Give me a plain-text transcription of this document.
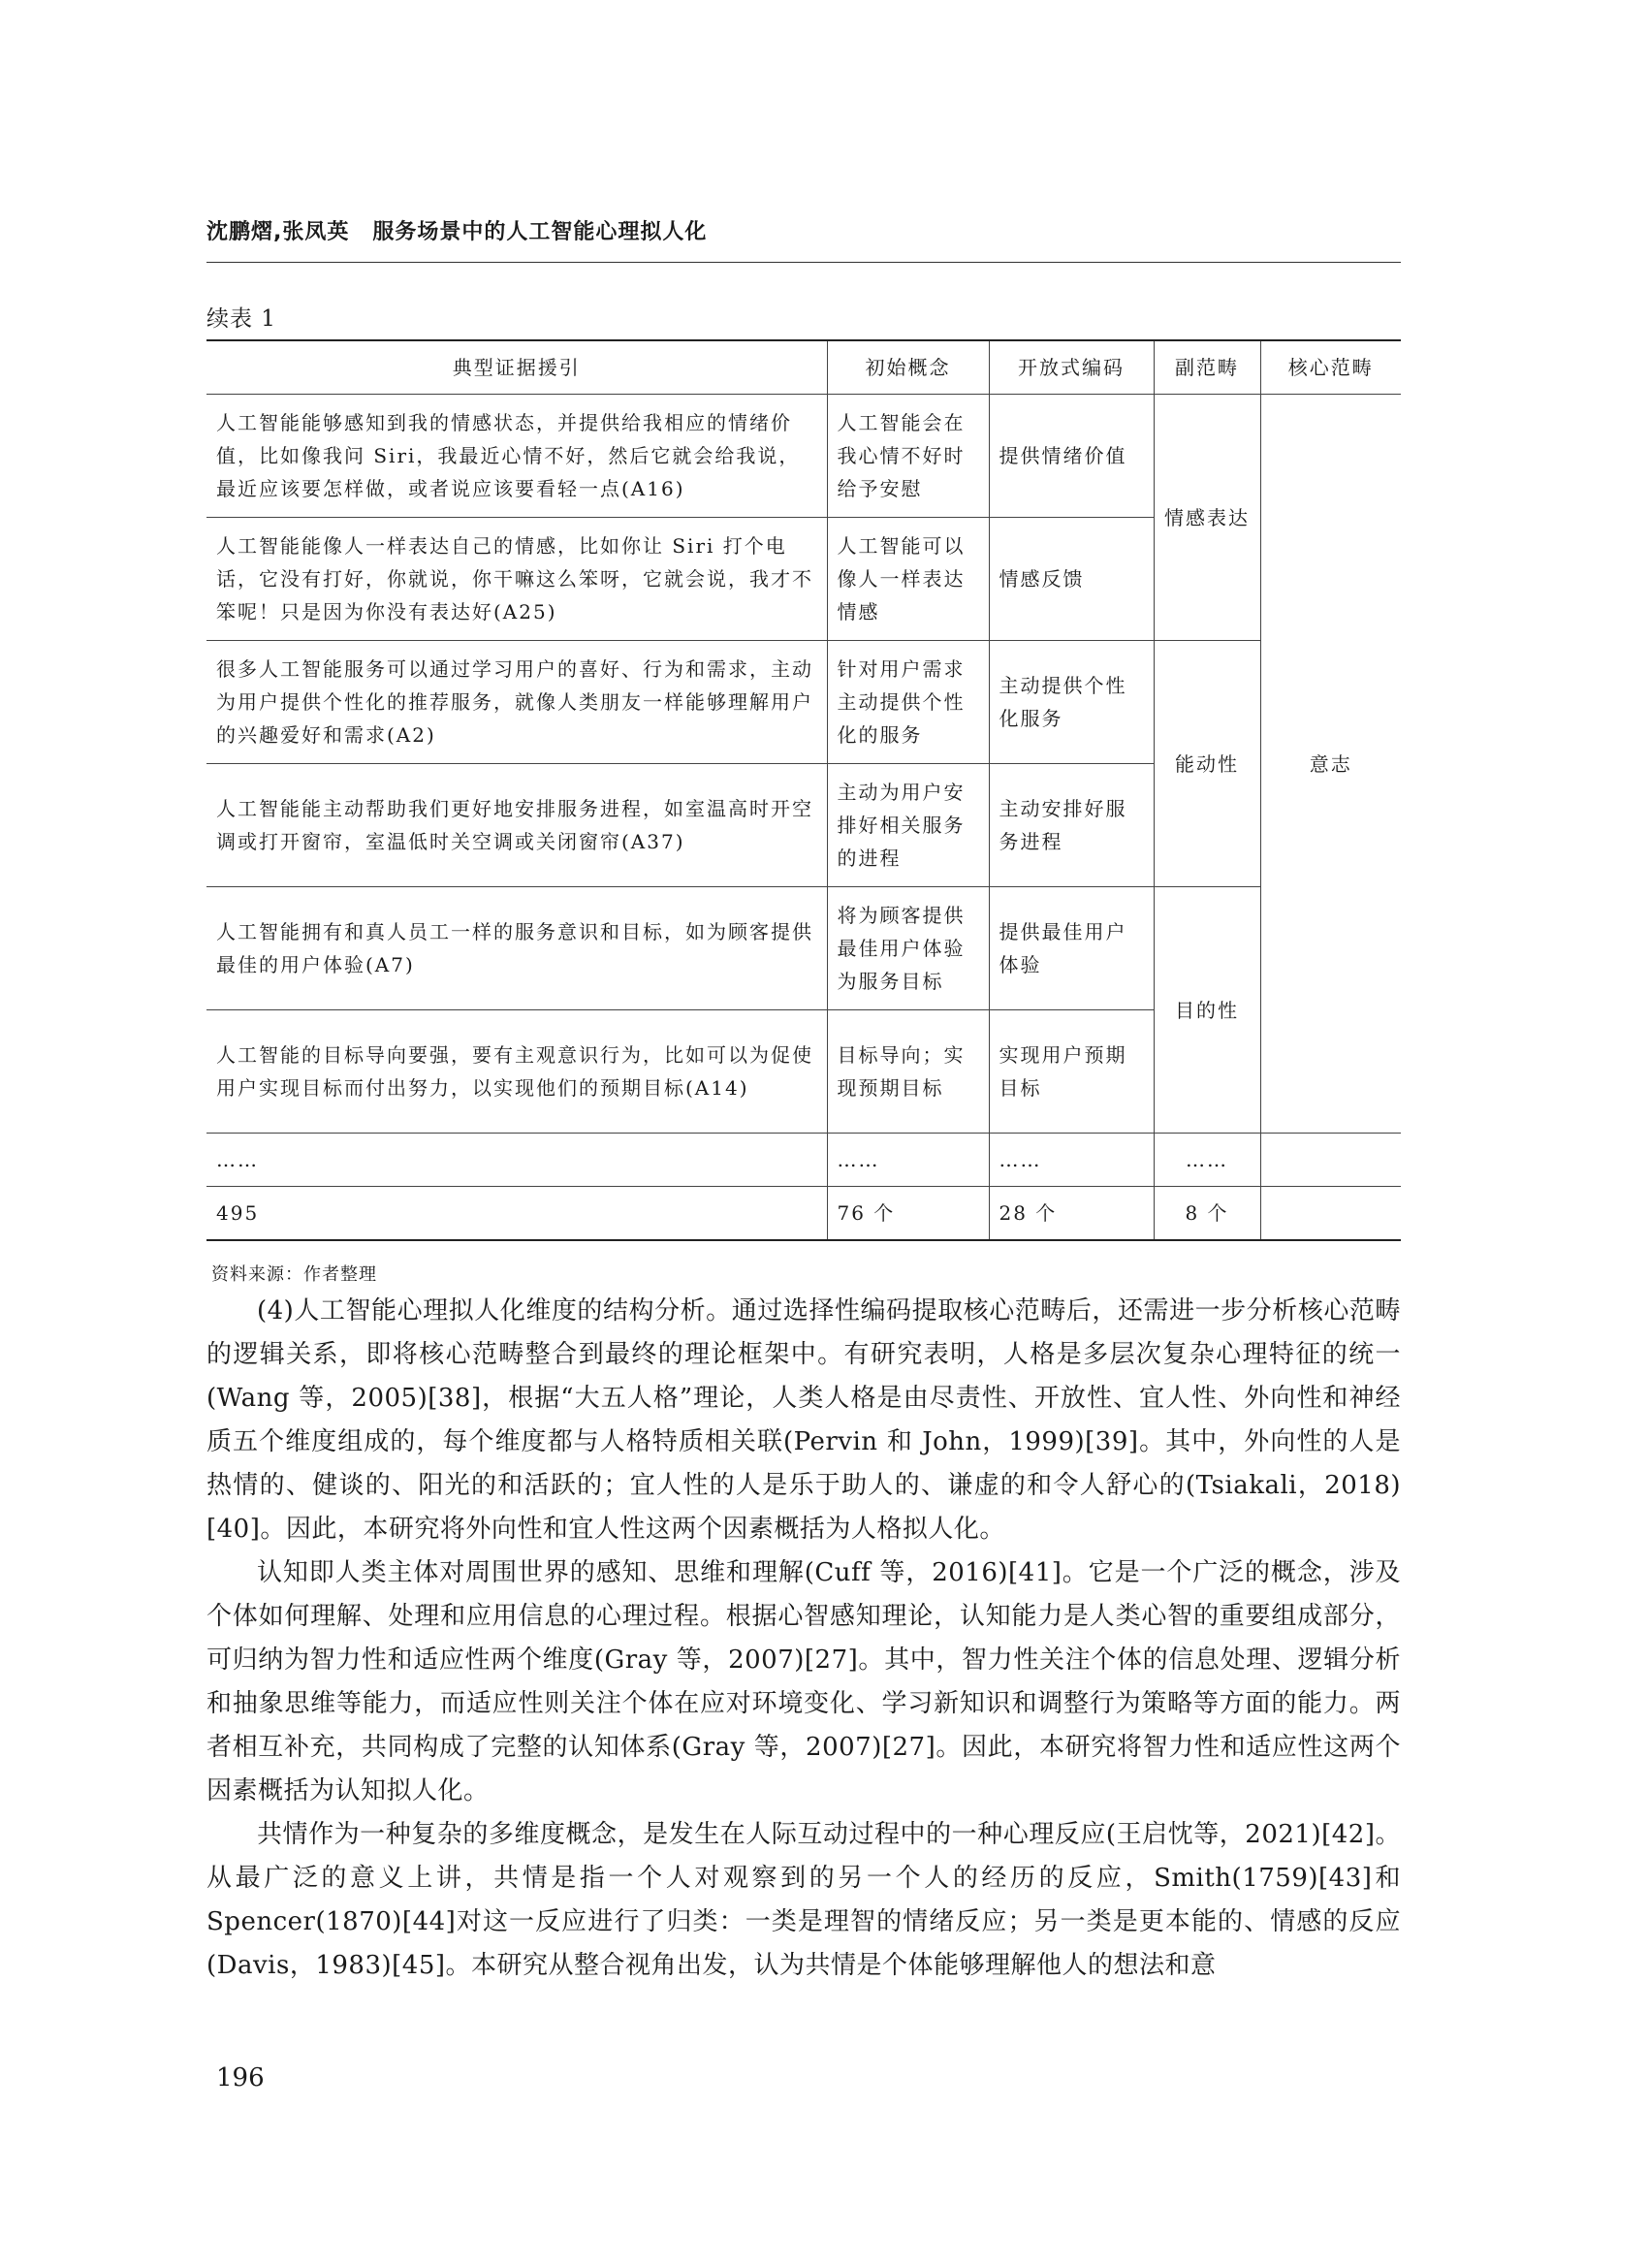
沈鹏熠,张凤英 服务场景中的人工智能心理拟人化
续表 1
典型证据援引	初始概念	开放式编码	副范畴	核心范畴
人工智能能够感知到我的情感状态，并提供给我相应的情绪价值，比如像我问 Siri，我最近心情不好，然后它就会给我说，最近应该要怎样做，或者说应该要看轻一点(A16)	人工智能会在我心情不好时给予安慰	提供情绪价值	情感表达	意志
人工智能能像人一样表达自己的情感，比如你让 Siri 打个电话，它没有打好，你就说，你干嘛这么笨呀，它就会说，我才不笨呢！只是因为你没有表达好(A25)	人工智能可以像人一样表达情感	情感反馈		
很多人工智能服务可以通过学习用户的喜好、行为和需求，主动为用户提供个性化的推荐服务，就像人类朋友一样能够理解用户的兴趣爱好和需求(A2)	针对用户需求主动提供个性化的服务	主动提供个性化服务	能动性	
人工智能能主动帮助我们更好地安排服务进程，如室温高时开空调或打开窗帘，室温低时关空调或关闭窗帘(A37)	主动为用户安排好相关服务的进程	主动安排好服务进程		
人工智能拥有和真人员工一样的服务意识和目标，如为顾客提供最佳的用户体验(A7)	将为顾客提供最佳用户体验为服务目标	提供最佳用户体验	目的性	
人工智能的目标导向要强，要有主观意识行为，比如可以为促使用户实现目标而付出努力，以实现他们的预期目标(A14)	目标导向；实现预期目标	实现用户预期目标		
……	……	……	……	
495	76 个	28 个	8 个	
资料来源：作者整理

(4)人工智能心理拟人化维度的结构分析。通过选择性编码提取核心范畴后，还需进一步分析核心范畴的逻辑关系，即将核心范畴整合到最终的理论框架中。有研究表明，人格是多层次复杂心理特征的统一(Wang 等，2005)[38]，根据“大五人格”理论，人类人格是由尽责性、开放性、宜人性、外向性和神经质五个维度组成的，每个维度都与人格特质相关联(Pervin 和 John，1999)[39]。其中，外向性的人是热情的、健谈的、阳光的和活跃的；宜人性的人是乐于助人的、谦虚的和令人舒心的(Tsiakali，2018)[40]。因此，本研究将外向性和宜人性这两个因素概括为人格拟人化。

认知即人类主体对周围世界的感知、思维和理解(Cuff 等，2016)[41]。它是一个广泛的概念，涉及个体如何理解、处理和应用信息的心理过程。根据心智感知理论，认知能力是人类心智的重要组成部分，可归纳为智力性和适应性两个维度(Gray 等，2007)[27]。其中，智力性关注个体的信息处理、逻辑分析和抽象思维等能力，而适应性则关注个体在应对环境变化、学习新知识和调整行为策略等方面的能力。两者相互补充，共同构成了完整的认知体系(Gray 等，2007)[27]。因此，本研究将智力性和适应性这两个因素概括为认知拟人化。

共情作为一种复杂的多维度概念，是发生在人际互动过程中的一种心理反应(王启忱等，2021)[42]。从最广泛的意义上讲，共情是指一个人对观察到的另一个人的经历的反应，Smith(1759)[43]和 Spencer(1870)[44]对这一反应进行了归类：一类是理智的情绪反应；另一类是更本能的、情感的反应(Davis，1983)[45]。本研究从整合视角出发，认为共情是个体能够理解他人的想法和意

196
